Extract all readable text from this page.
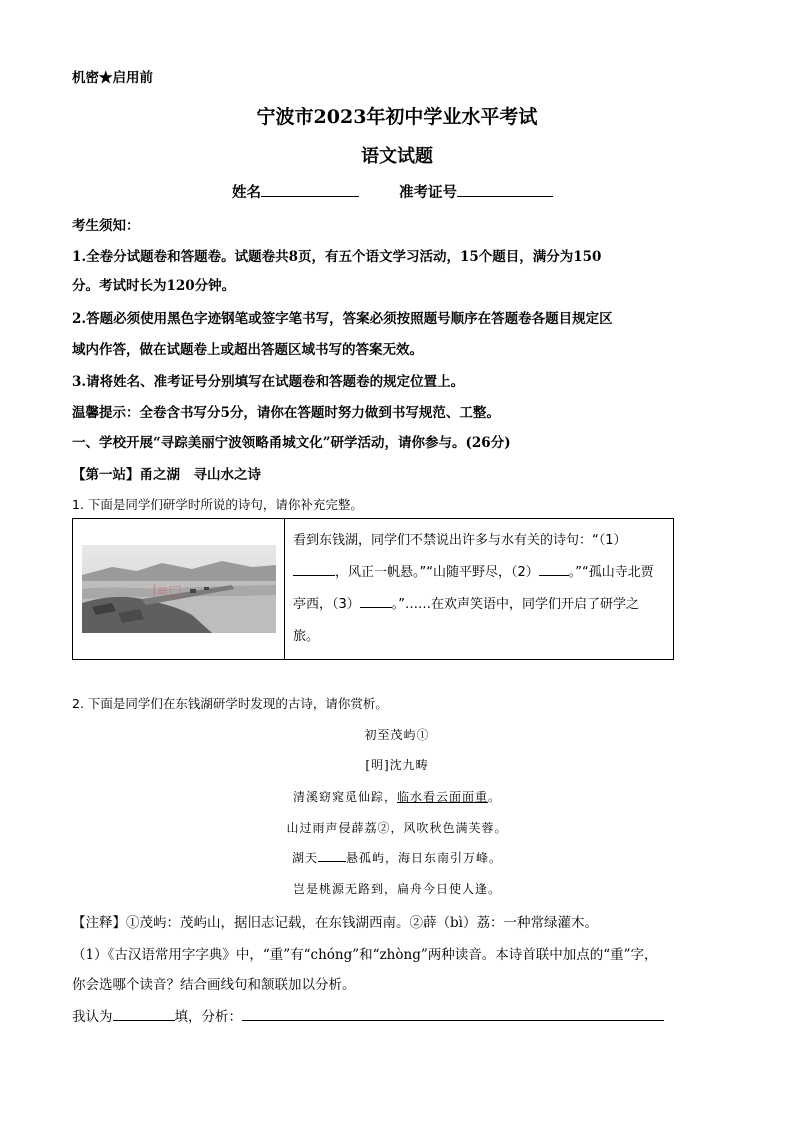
机密★启用前
宁波市2023年初中学业水平考试
语文试题
姓名	准考证号
考生须知：
1.全卷分试题卷和答题卷。试题卷共8页，有五个语文学习活动，15个题目，满分为150
分。考试时长为120分钟。
2.答题必须使用黑色字迹钢笔或签字笔书写，答案必须按照题号顺序在答题卷各题目规定区
域内作答，做在试题卷上或超出答题区域书写的答案无效。
3.请将姓名、准考证号分别填写在试题卷和答题卷的规定位置上。
温馨提示：全卷含书写分5分，请你在答题时努力做到书写规范、工整。
一、学校开展“寻踪美丽宁波领略甬城文化”研学活动，请你参与。(26分)
【第一站】甬之湖　寻山水之诗
1. 下面是同学们研学时所说的诗句，请你补充完整。
|≡□

看到东钱湖，同学们不禁说出许多与水有关的诗句：“（1）
，风正一帆悬。”“山随平野尽，（2） 。”“孤山寺北贾亭西，（3） 。”……在欢声笑语中，同学们开启了研学之旅。
2. 下面是同学们在东钱湖研学时发现的古诗，请你赏析。
初至茂屿①
[明]沈九畴
清溪窈窕觅仙踪，临水看云面面重。
山过雨声侵薜荔②，风吹秋色满芙蓉。
湖天 悬孤屿，海日东南引万峰。
岂是桃源无路到，扁舟今日使人逢。
【注释】①茂屿：茂屿山，据旧志记载，在东钱湖西南。②薜（bì）荔：一种常绿灌木。
（1）《古汉语常用字字典》中，“重”有“chóng”和“zhòng”两种读音。本诗首联中加点的“重”字，
你会选哪个读音？结合画线句和颔联加以分析。
我认为	填，分析：
